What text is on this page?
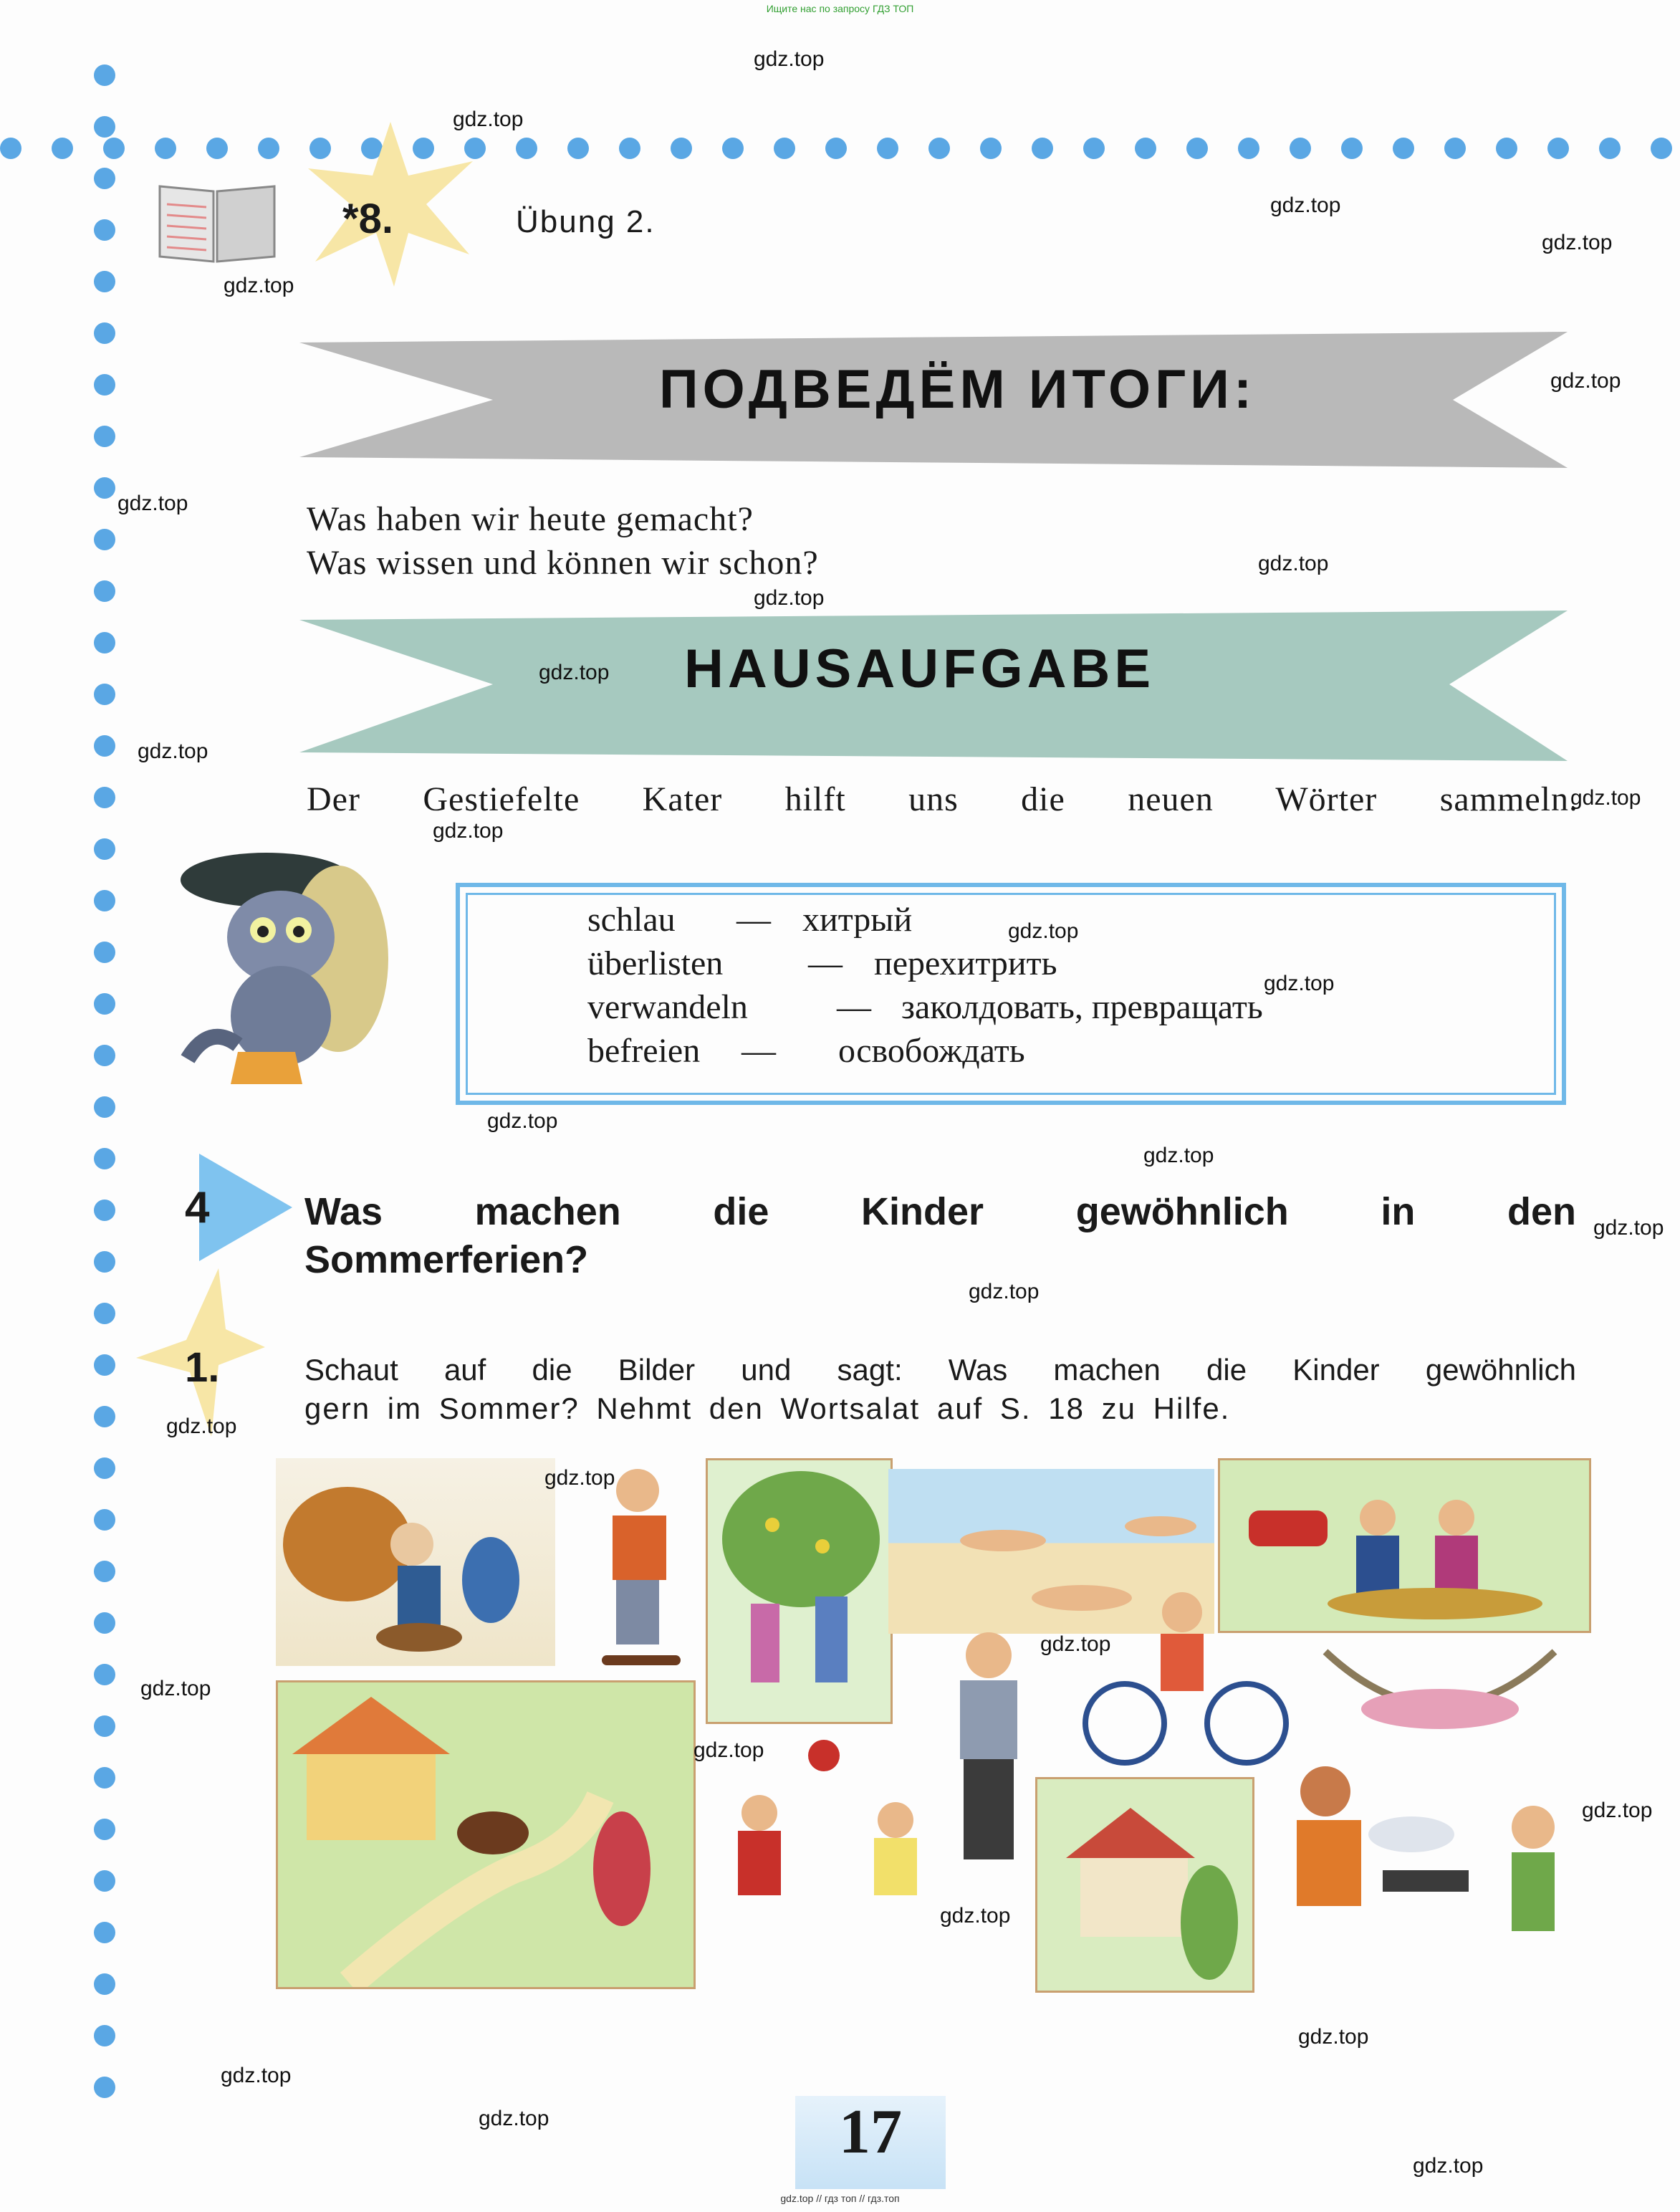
Ищите нас по запросу ГДЗ ТОП
gdz.top // гдз топ // гдз.топ
*8.	Übung 2.
ПОДВЕДЁМ ИТОГИ:
Was haben wir heute gemacht?
Was wissen und können wir schon?
HAUSAUFGABE
Der Gestiefelte Kater hilft uns die neuen Wörter sammeln.
schlau — хитрый
überlisten — перехитрить
verwandeln	— заколдовать, превращать
befreien — освобождать
4 Was machen die Kinder gewöhnlich in den
Sommerferien?
1.	Schaut auf die Bilder und sagt: Was machen die Kinder gewöhnlich
gern im Sommer? Nehmt den Wortsalat auf S. 18 zu Hilfe.
17
gdz.top
gdz.top
gdz.top
gdz.top
gdz.top
gdz.top
gdz.top
gdz.top
gdz.top
gdz.top
gdz.top
gdz.top
gdz.top
gdz.top
gdz.top
gdz.top
gdz.top
gdz.top
gdz.top
gdz.top
gdz.top
gdz.top
gdz.top
gdz.top
gdz.top
gdz.top
gdz.top
gdz.top
gdz.top
gdz.top
